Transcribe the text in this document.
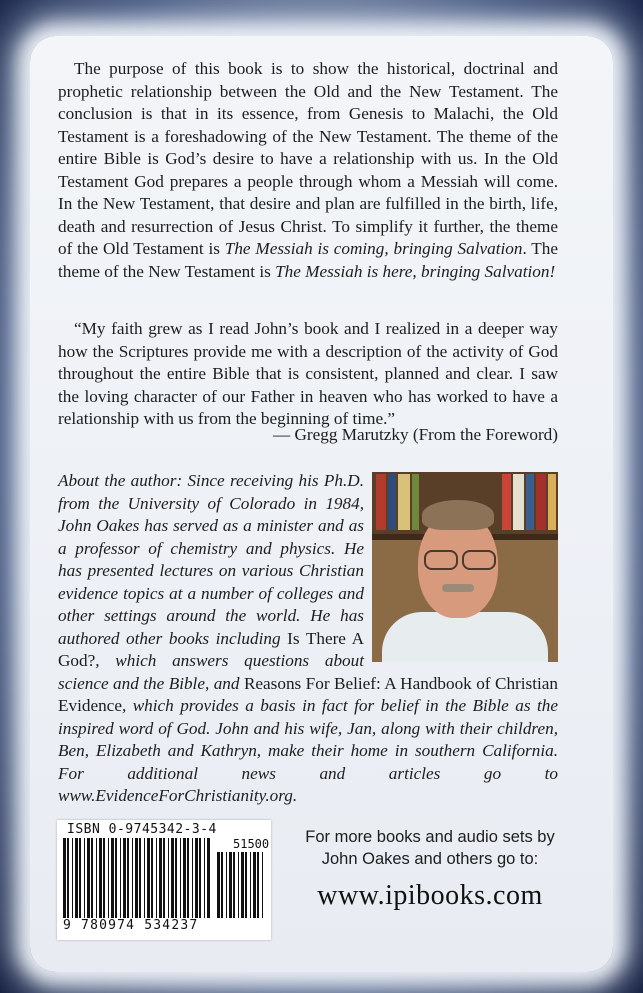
The purpose of this book is to show the historical, doctrinal and prophetic relationship between the Old and the New Testament. The conclusion is that in its essence, from Genesis to Malachi, the Old Testament is a foreshadowing of the New Testament. The theme of the entire Bible is God’s desire to have a relationship with us. In the Old Testament God prepares a people through whom a Messiah will come. In the New Testament, that desire and plan are fulfilled in the birth, life, death and resurrection of Jesus Christ. To simplify it further, the theme of the Old Testament is The Messiah is coming, bringing Salvation. The theme of the New Testament is The Messiah is here, bringing Salvation!
“My faith grew as I read John’s book and I realized in a deeper way how the Scriptures provide me with a description of the activity of God throughout the entire Bible that is consistent, planned and clear. I saw the loving character of our Father in heaven who has worked to have a relationship with us from the beginning of time.”
— Gregg Marutzky (From the Foreword)
About the author: Since receiving his Ph.D. from the University of Colorado in 1984, John Oakes has served as a minister and as a professor of chemistry and physics. He has presented lectures on various Christian evidence topics at a number of colleges and other settings around the world. He has authored other books including Is There A God?, which answers questions about science and the Bible, and Reasons For Belief: A Handbook of Christian Evidence, which provides a basis in fact for belief in the Bible as the inspired word of God. John and his wife, Jan, along with their children, Ben, Elizabeth and Kathryn, make their home in southern California. For additional news and articles go to www.EvidenceForChristianity.org.
ISBN 0-9745342-3-4
51500
9 780974 534237
For more books and audio sets by John Oakes and others go to:
www.ipibooks.com
